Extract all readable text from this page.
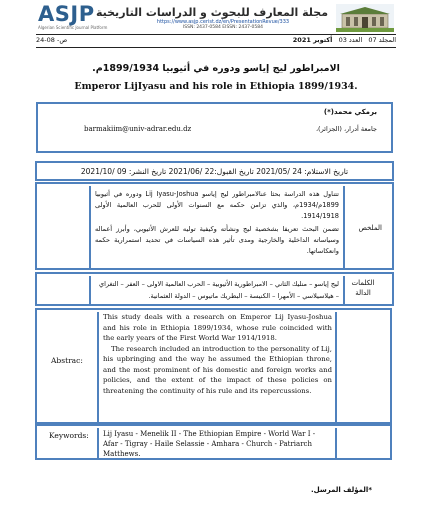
ASJP
Algerian Scientific Journal Platform
مجلة المعارف للبحوث و الدراسات التاريخية
https://www.asjp.cerist.dz/en/PresentationRevue/333
ISSN: 2437-0584 EISSN: 2437-0584
ص- 08-24	المجلد 07   العدد 03   أكتوبر 2021
الامبراطور ليج إياسو ودوره في أثيوبيا 1899/1934م.
Emperor LijIyasu and his role in Ethiopia 1899/1934.
برمكي محمد(*)
barmakiim@univ-adrar.edu.dz	جامعة أدرار، (الجزائر)،
تاريخ الاستلام: 24 /2021/05 تاريخ القبول:22 /2021/06 تاريخ النشر: 09 /2021/10
تتناول هذه الدراسة بحثا عنالامبراطور ليج إياسو Lij Iyasu-Joshua ودوره في أثيوبيا 1899م/1934م، والذي تزامن حكمه مع السنوات الأولى للحرب العالمية الأولى 1914/1918.
تضمن البحث تعريفا بشخصية ليج ونشأته وكيفية توليه للعرش الأثيوبي، وأبرز أعماله وسياساته الداخلية والخارجية ومدى تأثير هذه السياسات في تحديد استمرارية حكمه وانعكاساتها.
الملخص
ليج إياسو – منليك الثاني – الامبراطورية الأثيوبية – الحرب العالمية الاولى – العفر – التغراي – هيلاسيلاسي – الأمهرا – الكنيسة – البطريك ماتيوس – الدولة العثمانية.
الكلمات الدالة
Abstrac:

This study deals with a research on Emperor Lij Iyasu-Joshua and his role in Ethiopia 1899/1934, whose rule coincided with the early years of the First World War 1914/1918.

The research included an introduction to the personality of Lij, his upbringing and the way he assumed the Ethiopian throne, and the most prominent of his domestic and foreign works and policies, and the extent of the impact of these policies on threatening the continuity of his rule and its repercussions.

Keywords: Lij Iyasu - Menelik II - The Ethiopian Empire - World War I - Afar - Tigray - Haile Selassie - Amhara - Church - Patriarch Matthews.
*المؤلف المرسل.
